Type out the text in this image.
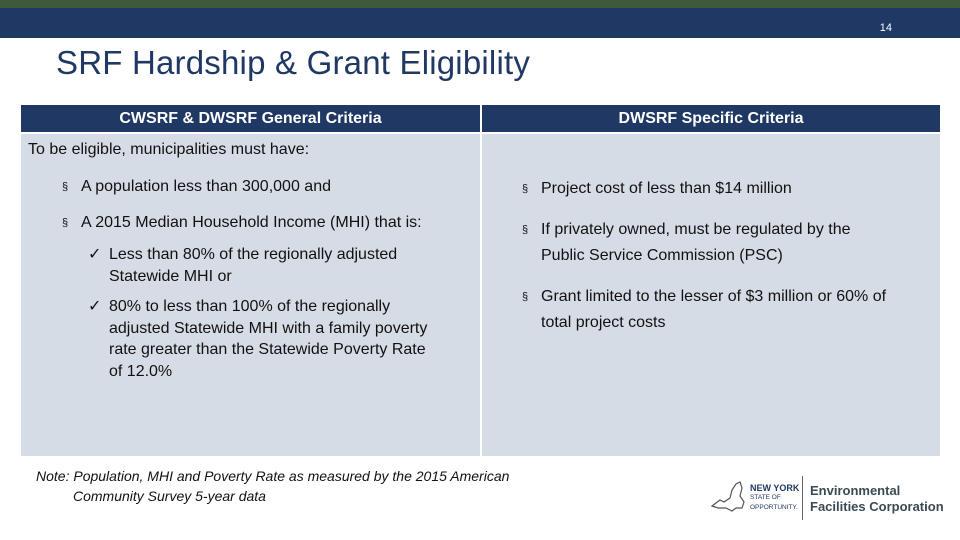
14
SRF Hardship & Grant Eligibility
CWSRF & DWSRF General Criteria	DWSRF Specific Criteria

To be eligible, municipalities must have:

§ A population less than 300,000 and
§ A 2015 Median Household Income (MHI) that is:
✓ Less than 80% of the regionally adjusted
Statewide MHI or
✓ 80% to less than 100% of the regionally
adjusted Statewide MHI with a family poverty
rate greater than the Statewide Poverty Rate
of 12.0%
§ Project cost of less than $14 million
§ If privately owned, must be regulated by the
Public Service Commission (PSC)
§ Grant limited to the lesser of $3 million or 60% of
total project costs
Note: Population, MHI and Poverty Rate as measured by the 2015 American
Community Survey 5-year data	NEW YORK
STATE OF
OPPORTUNITY.
Environmental
Facilities Corporation
